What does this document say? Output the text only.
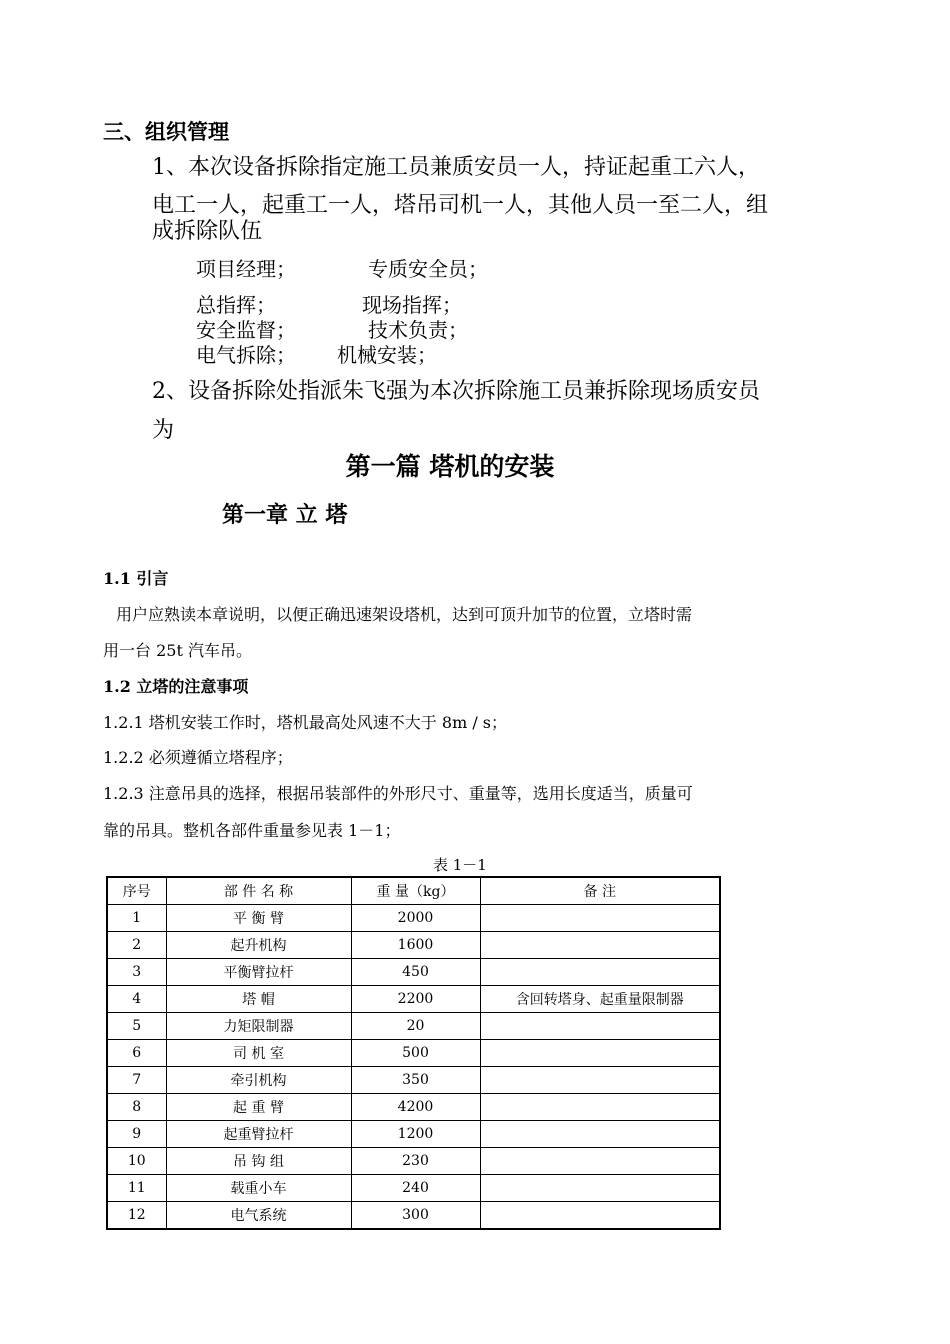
三、组织管理
1、本次设备拆除指定施工员兼质安员一人，持证起重工六人，
电工一人，起重工一人，塔吊司机一人，其他人员一至二人，组
成拆除队伍
项目经理；	专质安全员；
总指挥；	现场指挥；
安全监督；	技术负责；
电气拆除； 机械安装；
2、设备拆除处指派朱飞强为本次拆除施工员兼拆除现场质安员
为
第一篇 塔机的安装
第一章 立 塔
1.1 引言
用户应熟读本章说明，以便正确迅速架设塔机，达到可顶升加节的位置，立塔时需
用一台 25t 汽车吊。
1.2 立塔的注意事项
1.2.1 塔机安装工作时，塔机最高处风速不大于 8m / s；
1.2.2 必须遵循立塔程序；
1.2.3 注意吊具的选择，根据吊装部件的外形尺寸、重量等，选用长度适当，质量可
靠的吊具。整机各部件重量参见表 1－1；
表 1－1
序号	部 件 名 称	重 量（kg）	备 注
1	平 衡 臂	2000	
2	起升机构	1600	
3	平衡臂拉杆	450	
4	塔 帽	2200	含回转塔身、起重量限制器
5	力矩限制器	20	
6	司 机 室	500	
7	牵引机构	350	
8	起 重 臂	4200	
9	起重臂拉杆	1200	
10	吊 钩 组	230	
11	载重小车	240	
12	电气系统	300	
